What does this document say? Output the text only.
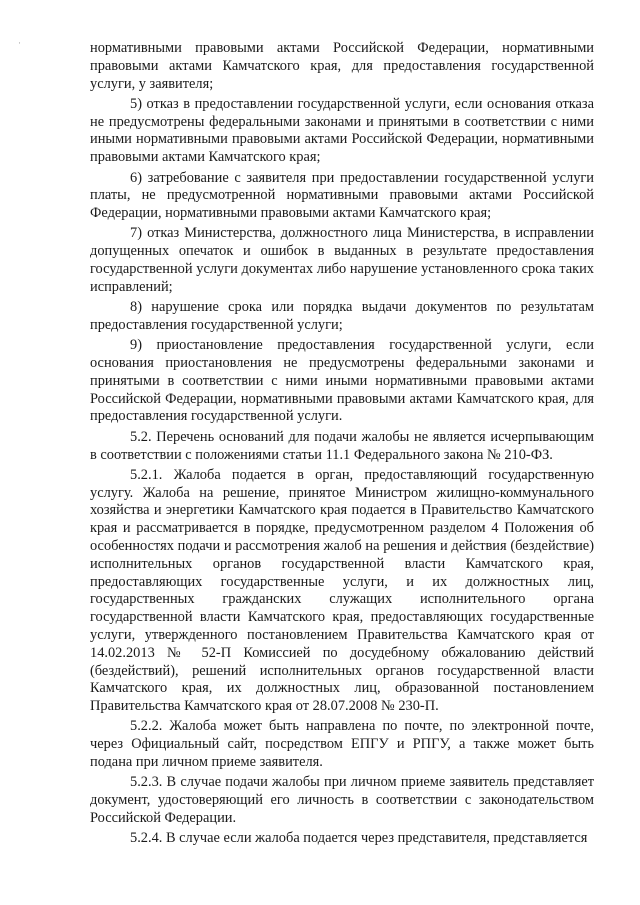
·	нормативными правовыми актами Российской Федерации, нормативными правовыми актами Камчатского края, для предоставления государственной услуги, у заявителя;

5) отказ в предоставлении государственной услуги, если основания отказа не предусмотрены федеральными законами и принятыми в соответствии с ними иными нормативными правовыми актами Российской Федерации, нормативными правовыми актами Камчатского края;

6) затребование с заявителя при предоставлении государственной услуги платы, не предусмотренной нормативными правовыми актами Российской Федерации, нормативными правовыми актами Камчатского края;

7) отказ Министерства, должностного лица Министерства, в исправлении допущенных опечаток и ошибок в выданных в результате предоставления государственной услуги документах либо нарушение установленного срока таких исправлений;

8) нарушение срока или порядка выдачи документов по результатам предоставления государственной услуги;

9) приостановление предоставления государственной услуги, если основания приостановления не предусмотрены федеральными законами и принятыми в соответствии с ними иными нормативными правовыми актами Российской Федерации, нормативными правовыми актами Камчатского края, для предоставления государственной услуги.

5.2. Перечень оснований для подачи жалобы не является исчерпывающим в соответствии с положениями статьи 11.1 Федерального закона № 210-ФЗ.

5.2.1. Жалоба подается в орган, предоставляющий государственную услугу. Жалоба на решение, принятое Министром жилищно-коммунального хозяйства и энергетики Камчатского края подается в Правительство Камчатского края и рассматривается в порядке, предусмотренном разделом 4 Положения об особенностях подачи и рассмотрения жалоб на решения и действия (бездействие) исполнительных органов государственной власти Камчатского края, предоставляющих государственные услуги, и их должностных лиц, государственных гражданских служащих исполнительного органа государственной власти Камчатского края, предоставляющих государственные услуги, утвержденного постановлением Правительства Камчатского края от 14.02.2013 № 52-П Комиссией по досудебному обжалованию действий (бездействий), решений исполнительных органов государственной власти Камчатского края, их должностных лиц, образованной постановлением Правительства Камчатского края от 28.07.2008 № 230-П.

5.2.2. Жалоба может быть направлена по почте, по электронной почте, через Официальный сайт, посредством ЕПГУ и РПГУ, а также может быть подана при личном приеме заявителя.

5.2.3. В случае подачи жалобы при личном приеме заявитель представляет документ, удостоверяющий его личность в соответствии с законодательством Российской Федерации.

5.2.4. В случае если жалоба подается через представителя, представляется
